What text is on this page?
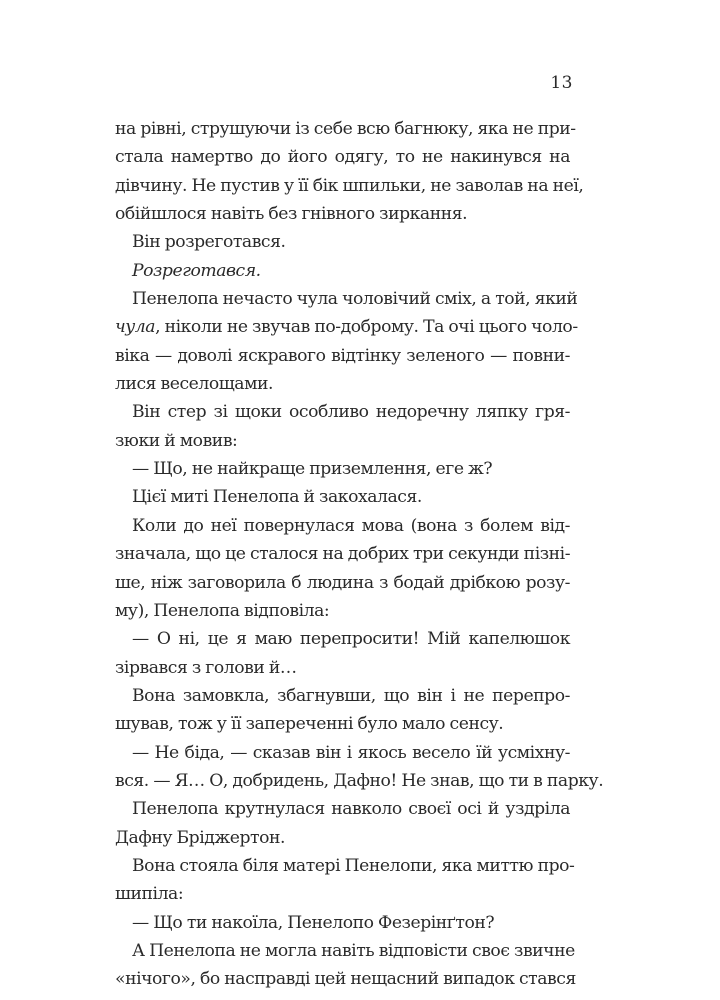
13
на рівні, струшуючи із себе всю багнюку, яка не при-
стала намертво до його одягу, то не накинувся на
дівчину. Не пустив у її бік шпильки, не заволав на неї,
обійшлося навіть без гнівного зиркання.
Він розреготався.
Розреготався.
Пенелопа нечасто чула чоловічий сміх, а той, який
чула, ніколи не звучав по-доброму. Та очі цього чоло-
віка — доволі яскравого відтінку зеленого — повни-
лися веселощами.
Він стер зі щоки особливо недоречну ляпку гря-
зюки й мовив:
— Що, не найкраще приземлення, еге ж?
Цієї миті Пенелопа й закохалася.
Коли до неї повернулася мова (вона з болем від-
значала, що це сталося на добрих три секунди пізні-
ше, ніж заговорила б людина з бодай дрібкою розу-
му), Пенелопа відповіла:
— О ні, це я маю перепросити! Мій капелюшок
зірвався з голови й…
Вона замовкла, збагнувши, що він і не перепро-
шував, тож у її запереченні було мало сенсу.
— Не біда, — сказав він і якось весело їй усміхну-
вся. — Я… О, добридень, Дафно! Не знав, що ти в парку.
Пенелопа крутнулася навколо своєї осі й уздріла
Дафну Бріджертон.
Вона стояла біля матері Пенелопи, яка миттю про-
шипіла:
— Що ти накоїла, Пенелопо Фезерінґтон?
А Пенелопа не могла навіть відповісти своє звичне
«нічого», бо насправді цей нещасний випадок стався
